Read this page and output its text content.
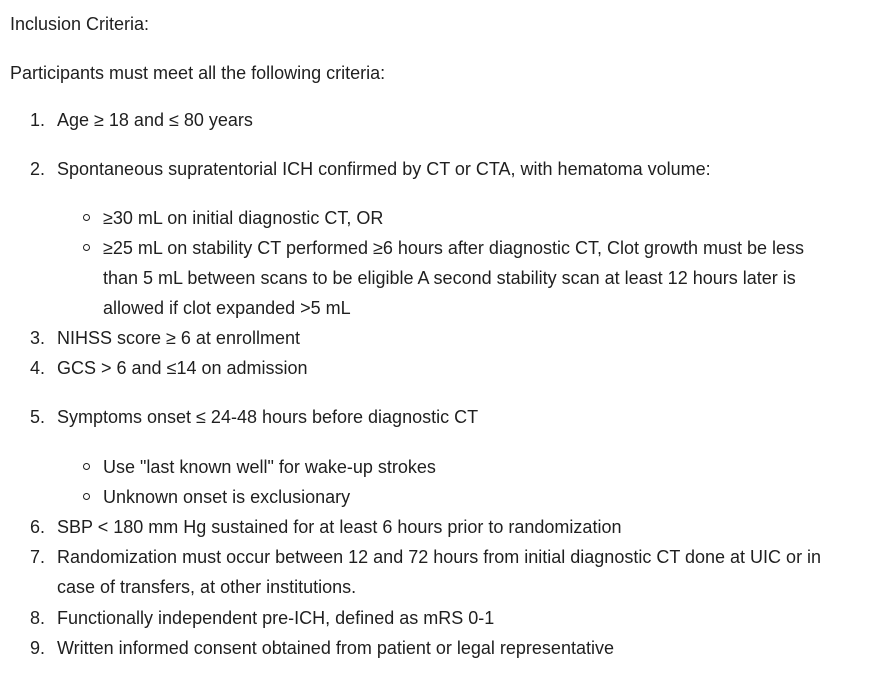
Inclusion Criteria:
Participants must meet all the following criteria:
1. Age ≥ 18 and ≤ 80 years
2. Spontaneous supratentorial ICH confirmed by CT or CTA, with hematoma volume:
≥30 mL on initial diagnostic CT, OR
≥25 mL on stability CT performed ≥6 hours after diagnostic CT, Clot growth must be less than 5 mL between scans to be eligible A second stability scan at least 12 hours later is allowed if clot expanded >5 mL
3. NIHSS score ≥ 6 at enrollment
4. GCS > 6 and ≤14 on admission
5. Symptoms onset ≤ 24-48 hours before diagnostic CT
Use "last known well" for wake-up strokes
Unknown onset is exclusionary
6. SBP < 180 mm Hg sustained for at least 6 hours prior to randomization
7. Randomization must occur between 12 and 72 hours from initial diagnostic CT done at UIC or in case of transfers, at other institutions.
8. Functionally independent pre-ICH, defined as mRS 0-1
9. Written informed consent obtained from patient or legal representative
